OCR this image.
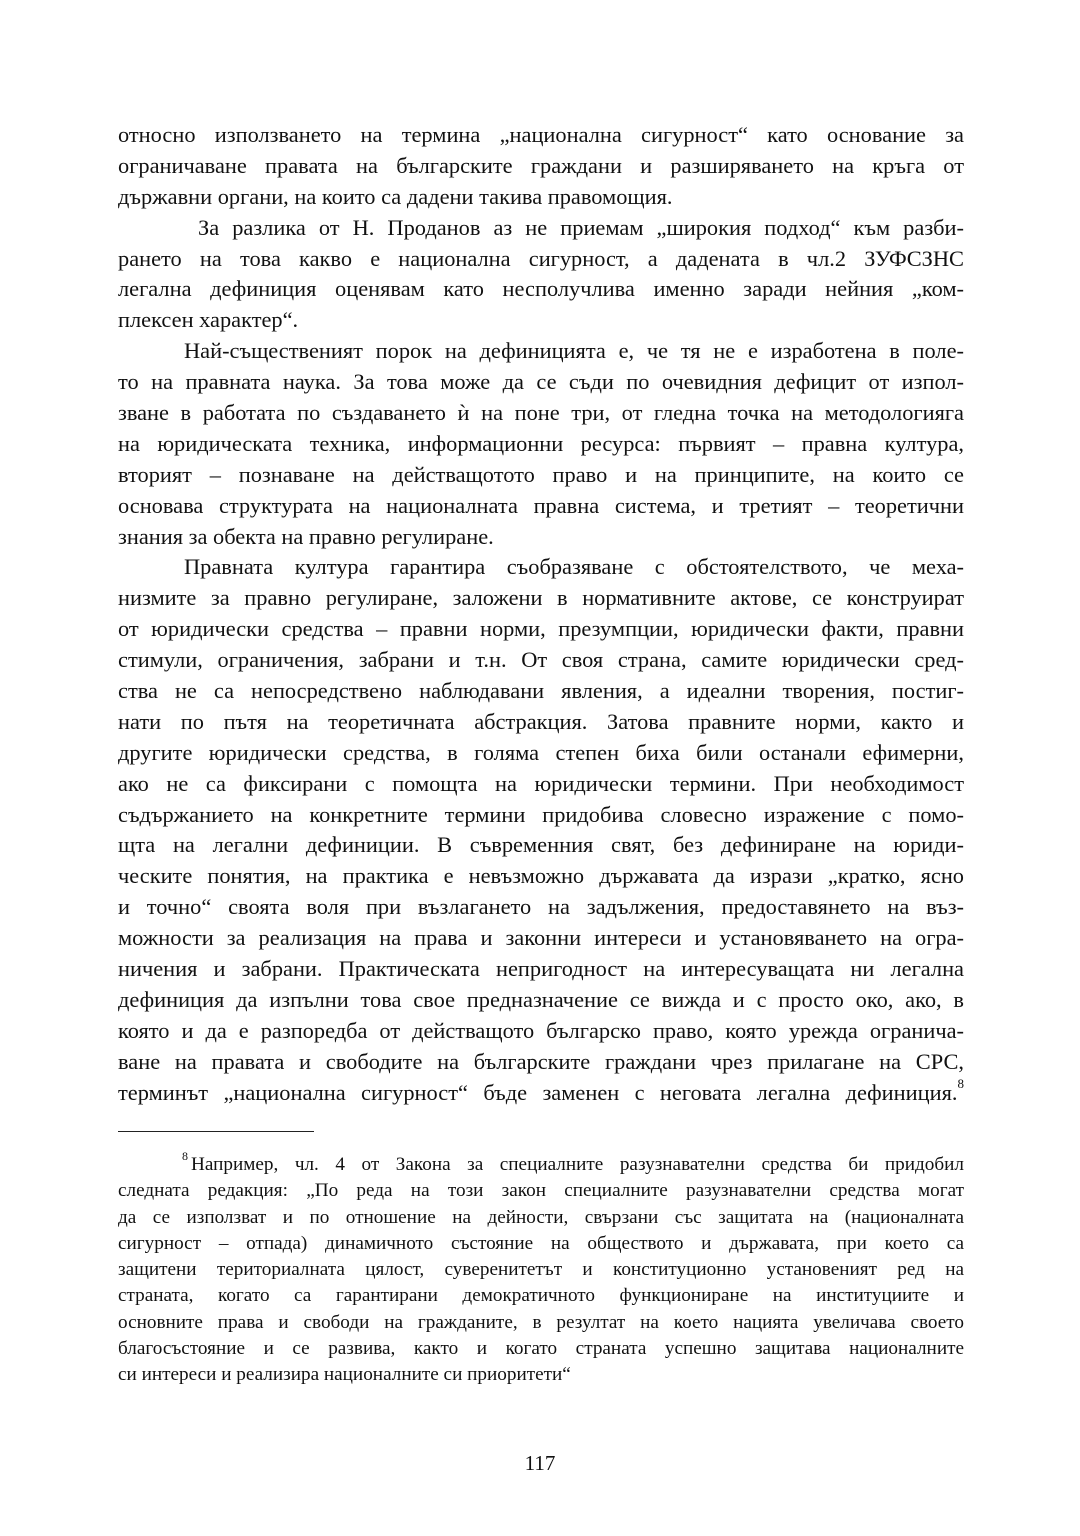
относно използването на термина „национална сигурност“ като основание за
ограничаване правата на българските граждани и разширяването на кръга от
държавни органи, на които са дадени такива правомощия.
За разлика от Н. Проданов аз не приемам „широкия подход“ към разби-
рането на това какво е национална сигурност, а дадената в чл.2 ЗУФСЗНС
легална дефиниция оценявам като несполучлива именно заради нейния „ком-
плексен характер“.
Най-същественият порок на дефиницията е, че тя не е изработена в поле-
то на правната наука. За това може да се съди по очевидния дефицит от изпол-
зване в работата по създаването ѝ на поне три, от гледна точка на методологияга
на юридическата техника, информационни ресурса: първият – правна култура,
вторият – познаване на действащотото право и на принципите, на които се
основава структурата на националната правна система, и третият – теоретични
знания за обекта на правно регулиране.
Правната култура гарантира съобразяване с обстоятелството, че меха-
низмите за правно регулиране, заложени в нормативните актове, се конструират
от юридически средства – правни норми, презумпции, юридически факти, правни
стимули, ограничения, забрани и т.н. От своя страна, самите юридически сред-
ства не са непосредствено наблюдавани явления, а идеални творения, постиг-
нати по пътя на теоретичната абстракция. Затова правните норми, както и
другите юридически средства, в голяма степен биха били останали ефимерни,
ако не са фиксирани с помощта на юридически термини. При необходимост
съдържанието на конкретните термини придобива словесно изражение с помо-
щта на легални дефиниции. В съвременния свят, без дефиниране на юриди-
ческите понятия, на практика е невъзможно държавата да изрази „кратко, ясно
и точно“ своята воля при възлагането на задължения, предоставянето на въз-
можности за реализация на права и законни интереси и установяването на огра-
ничения и забрани. Практическата непригодност на интересуващата ни легална
дефиниция да изпълни това свое предназначение се вижда и с просто око, ако, в
която и да е разпоредба от действащото българско право, която урежда огранича-
ване на правата и свободите на българските граждани чрез прилагане на СРС,
терминът „национална сигурност“ бъде заменен с неговата легална дефиниция.$^8$
$^8$ Например, чл. 4 от Закона за специалните разузнавателни средства би придобил
следната редакция: „По реда на този закон специалните разузнавателни средства могат
да се използват и по отношение на дейности, свързани със защитата на (националната
сигурност – отпада) динамичното състояние на обществото и държавата, при което са
защитени териториалната цялост, суверенитетът и конституционно установеният ред на
страната, когато са гарантирани демократичното функциониране на институциите и
основните права и свободи на гражданите, в резултат на което нацията увеличава своето
благосъстояние и се развива, както и когато страната успешно защитава националните
си интереси и реализира националните си приоритети“
117
